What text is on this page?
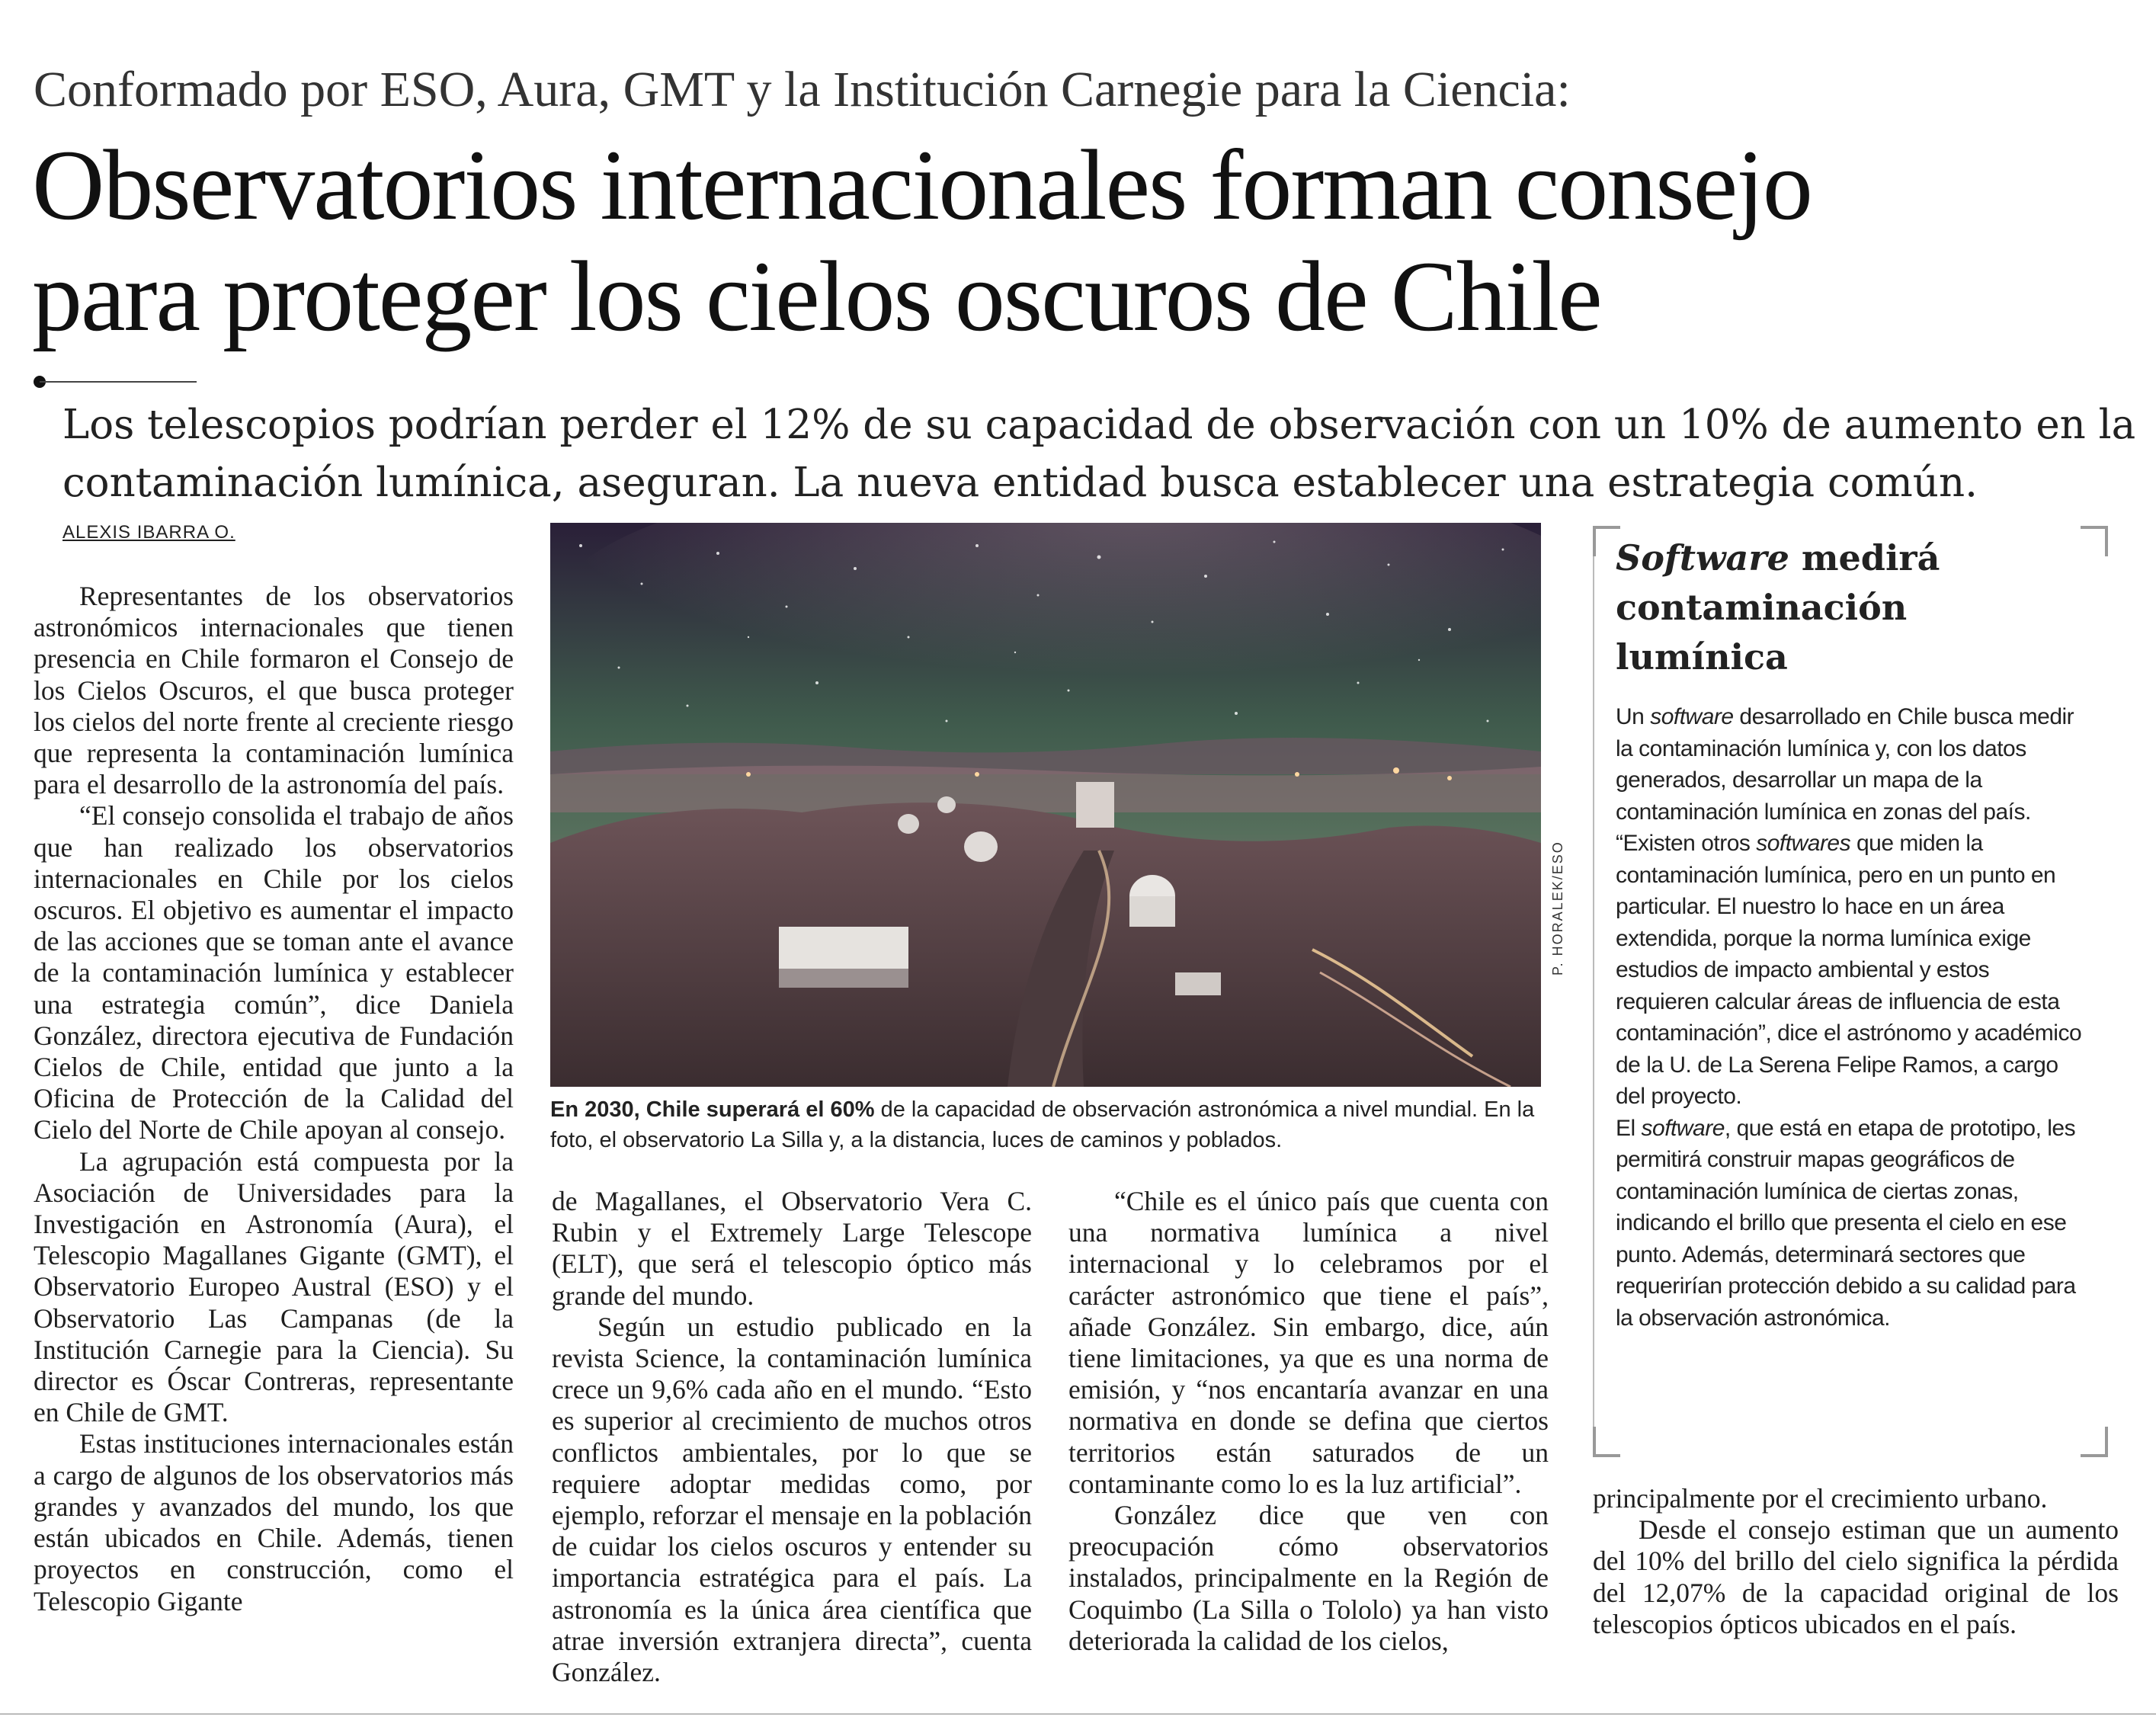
Conformado por ESO, Aura, GMT y la Institución Carnegie para la Ciencia:
Observatorios internacionales forman consejo
para proteger los cielos oscuros de Chile
Los telescopios podrían perder el 12% de su capacidad de observación con un 10% de aumento en la
contaminación lumínica, aseguran. La nueva entidad busca establecer una estrategia común.
ALEXIS IBARRA O.

Representantes de los observatorios astronómicos internacionales que tienen presencia en Chile formaron el Consejo de los Cielos Oscuros, el que busca proteger los cielos del norte frente al creciente riesgo que representa la contaminación lumínica para el desarrollo de la astronomía del país.

“El consejo consolida el trabajo de años que han realizado los observatorios internacionales en Chile por los cielos oscuros. El objetivo es aumentar el impacto de las acciones que se toman ante el avance de la contaminación lumínica y establecer una estrategia común”, dice Daniela González, directora ejecutiva de Fundación Cielos de Chile, entidad que junto a la Oficina de Protección de la Calidad del Cielo del Norte de Chile apoyan al consejo.

La agrupación está compuesta por la Asociación de Universidades para la Investigación en Astronomía (Aura), el Telescopio Magallanes Gigante (GMT), el Observatorio Europeo Austral (ESO) y el Observatorio Las Campanas (de la Institución Carnegie para la Ciencia). Su director es Óscar Contreras, representante en Chile de GMT.

Estas instituciones internacionales están a cargo de algunos de los observatorios más grandes y avanzados del mundo, los que están ubicados en Chile. Además, tienen proyectos en construcción, como el Telescopio Gigante

P. HORALEK/ESO
En 2030, Chile superará el 60% de la capacidad de observación astronómica a nivel mundial. En la foto, el observatorio La Silla y, a la distancia, luces de caminos y poblados.

de Magallanes, el Observatorio Vera C. Rubin y el Extremely Large Telescope (ELT), que será el telescopio óptico más grande del mundo.

Según un estudio publicado en la revista Science, la contaminación lumínica crece un 9,6% cada año en el mundo. “Esto es superior al crecimiento de muchos otros conflictos ambientales, por lo que se requiere adoptar medidas como, por ejemplo, reforzar el mensaje en la población de cuidar los cielos oscuros y entender su importancia estratégica para el país. La astronomía es la única área científica que atrae inversión extranjera directa”, cuenta González.

“Chile es el único país que cuenta con una normativa lumínica a nivel internacional y lo celebramos por el carácter astronómico que tiene el país”, añade González. Sin embargo, dice, aún tiene limitaciones, ya que es una norma de emisión, y “nos encantaría avanzar en una normativa en donde se defina que ciertos territorios están saturados de un contaminante como lo es la luz artificial”.

González dice que ven con preocupación cómo observatorios instalados, principalmente en la Región de Coquimbo (La Silla o Tololo) ya han visto deteriorada la calidad de los cielos,

Software medirá contaminación lumínica

Un software desarrollado en Chile busca medir la contaminación lumínica y, con los datos generados, desarrollar un mapa de la contaminación lumínica en zonas del país.

“Existen otros softwares que miden la contaminación lumínica, pero en un punto en particular. El nuestro lo hace en un área extendida, porque la norma lumínica exige estudios de impacto ambiental y estos requieren calcular áreas de influencia de esta contaminación”, dice el astrónomo y académico de la U. de La Serena Felipe Ramos, a cargo del proyecto.

El software, que está en etapa de prototipo, les permitirá construir mapas geográficos de contaminación lumínica de ciertas zonas, indicando el brillo que presenta el cielo en ese punto. Además, determinará sectores que requerirían protección debido a su calidad para la observación astronómica.

principalmente por el crecimiento urbano.

Desde el consejo estiman que un aumento del 10% del brillo del cielo significa la pérdida del 12,07% de la capacidad original de los telescopios ópticos ubicados en el país.
